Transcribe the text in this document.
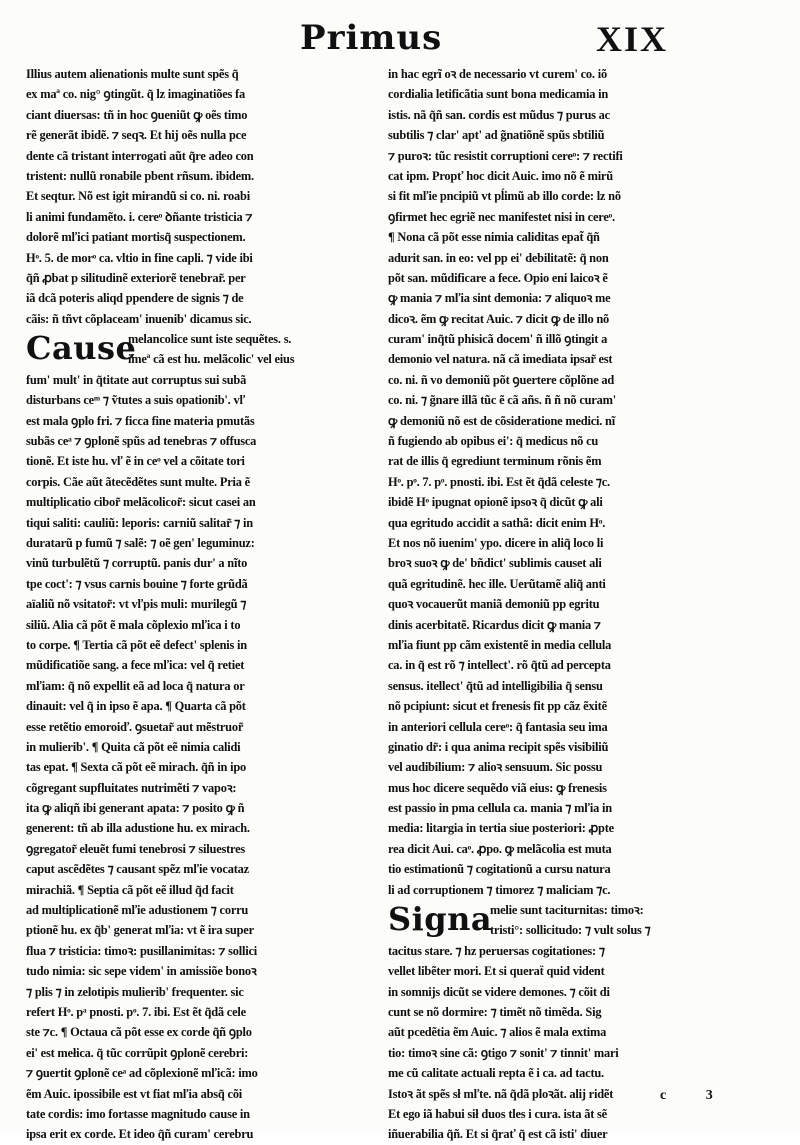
Primus	XIX
Illius autem alienationis multe sunt spẽs q̃
ex maª co. nig° ꝯtingũt. q̃ lz imaginatiões fa
ciant diuersas: tñ in hoc ꝯueniũt ꝙ oẽs timo
rẽ generãt ibidẽ. ⁊ seqꝛ. Et hij oẽs nulla pce
dente cã tristant interrogati aũt q̃re adeo con
tristent: nullũ ronabile pbent rñsum. ibidem.
Et seqtur. Nõ est igit mirandũ si co. ni. roabi
li animi fundamẽto. i. cereᵒ ꝺñante tristicia ⁊
dolorẽ mľici patiant mortisq̃ suspectionem.
Hᵒ. 5. de morᵒ ca. vltio in fine capli. ⁊ vide ibi
q̃ñ ꝓbat p silitudinẽ exteriorẽ tenebrar̃. per
iã dcã poteris aliqd ppendere de signis ⁊ de
cãis: ñ tñvt cõplaceam' inuenib' dicamus sic.
Cause
melancolice sunt iste sequẽtes. s.
imeª cã est hu. melãcolic' vel eius
fum' mult' in q̃titate aut corruptus sui subã
disturbans ceᵐ ⁊ ṽtutes a suis opationib'. vľ
est mala ꝯplo fri. ⁊ ficca fine materia pmutãs
subãs ceᵃ ⁊ ꝯplonẽ spũs ad tenebras ⁊ offusca
tionẽ. Et iste hu. vľ ẽ in ceᵒ vel a cõitate tori
corpis. Cãe aũt ãtecẽdẽtes sunt multe. Pria ẽ
multiplicatio cibor̃ melãcolicor̃: sicut casei an
tiqui saliti: cauliũ: leporis: carniũ salitar̃ ⁊ in
duratarũ p fumũ ⁊ salẽ: ⁊ oẽ gen' leguminuz:
vinũ turbulẽtũ ⁊ corruptũ. panis dur' a nĩto
tpe coct': ⁊ vsus carnis bouine ⁊ forte grũdã
aïaliũ nõ vsitator̃: vt vľpis muli: murilegũ ⁊
siliũ. Alia cã põt ẽ mala cõplexio mľica i to
to corpe. ¶ Tertia cã põt eẽ defect' splenis in
mũdificatiõe sang. a fece mľica: vel q̃ retiet
mľiam: q̃ nõ expellit eã ad loca q̃ natura or
dinauit: vel q̃ in ipso ẽ apa. ¶ Quarta cã põt
esse retẽtio emoroiď. ꝯsuetar̃ aut mẽstruor̃
in mulierib'. ¶ Quita cã põt eẽ nimia calidi
tas epat. ¶ Sexta cã põt eẽ mirach. q̃ñ in ipo
cõgregant supfluitates nutrimẽti ⁊ vapoꝛ:
ita ꝙ aliqñ ibi generant apata: ⁊ posito ꝙ ñ
generent: tñ ab illa adustione hu. ex mirach.
ꝯgregator̃ eleuẽt fumi tenebrosi ⁊ siluestres
caput ascẽdẽtes ⁊ causant spẽz mľie vocataz
mirachiã. ¶ Septia cã põt eẽ illud q̃d facit
ad multiplicationẽ mľie adustionem ⁊ corru
ptionẽ hu. ex q̃b' generat mľia: vt ẽ ira super
flua ⁊ tristicia: timoꝛ: pusillanimitas: ⁊ sollici
tudo nimia: sic sepe videm' in amissiõe bonoꝛ
⁊ plis ⁊ in zelotipis mulierib' frequenter. sic
refert Hᵒ. pᵃ pnosti. pᵒ. 7. ibi. Est ẽt q̃dã cele
ste ⁊c. ¶ Octaua cã põt esse ex corde q̃ñ ꝯplo
ei' est mełica. q̃ tũc corrũpit ꝯplonẽ cerebri:
⁊ ꝯuertit ꝯplonẽ ceᵃ ad cõplexionẽ mľicã: imo
ẽm Auic. ipossibile est vt fiat mľia absq̃ cõi
tate cordis: imo fortasse magnitudo cause in
ipsa erit ex corde. Et ideo q̃ñ curam' cerebru
in hac egrĩ oꝛ de necessario vt curem' co. iõ
cordialia letificãtia sunt bona medicamia in
istis. nã q̃ñ san. cordis est mũdus ⁊ purus ac
subtilis ⁊ clar' apt' ad g̃natiõnẽ spũs sbtiliũ
⁊ puroꝛ: tũc resistit corruptioni cereᵒ: ⁊ rectifi
cat ipm. Propť hoc dicit Auic. imo nõ ẽ mirũ
si fit mľie pncipiũ vt pĺimũ ab illo corde: lz nõ
ꝯfirmet hec egriẽ nec manifestet nisi in cereᵒ.
¶ Nona cã põt esse nimia caliditas epat̃ q̃ñ
adurit san. in eo: vel pp ei' debilitatẽ: q̃ non
põt san. mũdificare a fece. Opio eni laicoꝛ ẽ
ꝙ mania ⁊ mľia sint demonia: ⁊ aliquoꝛ me
dicoꝛ. ẽm ꝙ recitat Auic. ⁊ dicit ꝙ de illo nõ
curam' inq̃tũ phisicã docem' ñ illõ ꝯtingit a
demonio vel natura. nã cã imediata ipsar̃ est
co. ni. ñ vo demoniũ põt ꝯuertere cõplõne ad
co. ni. ⁊ g̃nare illã tũc ẽ cã añs. ñ ñ nõ curam'
ꝙ demoniũ nõ est de cõsideratione medici. nĩ
ñ fugiendo ab opibus ei': q̃ medicus nõ cu
rat de illis q̃ egrediunt terminum rõnis ẽm
Hᵒ. pᵒ. 7. pᵒ. pnosti. ibi. Est ẽt q̃dã celeste ⁊c.
ibidẽ Hᵒ ipugnat opionẽ ipsoꝛ q̃ dicũt ꝙ ali
qua egritudo accidit a sathã: dicit enim Hᵒ.
Et nos nõ iuenim' ypo. dicere in aliq̃ loco li
broꝛ suoꝛ ꝙ de' bñdict' sublimis causet ali
quã egritudinẽ. hec ille. Uerũtamẽ aliq̃ anti
quoꝛ vocauerũt maniã demoniũ pp egritu
dinis acerbitatẽ. Ricardus dicit ꝙ mania ⁊
mľia fiunt pp cãm existentẽ in media cellula
ca. in q̃ est rõ ⁊ intellect'. rõ q̃tũ ad percepta
sensus. itellect' q̃tũ ad intelligibilia q̃ sensu
nõ pcipiunt: sicut et frenesis fit pp cãz ẽxitẽ
in anteriori cellula cereᵒ: q̃ fantasia seu ima
ginatio dr̃: i qua anima recipit spẽs visibiliũ
vel audibilium: ⁊ alioꝛ sensuum. Sic possu
mus hoc dicere sequẽdo viã eius: ꝙ frenesis
est passio in pma cellula ca. mania ⁊ mľia in
media: litargia in tertia siue posteriori: ꝓpte
rea dicit Aui. caᵒ. ꝓpo. ꝙ melãcolia est muta
tio estimationũ ⁊ cogitationũ a cursu natura
li ad corruptionem ⁊ timorez ⁊ maliciam ⁊c.
Signa
melie sunt taciturnitas: timoꝛ:
tristi°: sollicitudo: ⁊ vult solus ⁊
tacitus stare. ⁊ hz peruersas cogitationes: ⁊
vellet libẽter mori. Et si queraẗ quid vident
in somnijs dicũt se videre demones. ⁊ cõit di
cunt se nõ dormire: ⁊ timẽt nõ timẽda. Sig
aũt pcedẽtia ẽm Auic. ⁊ alios ẽ mala extima
tio: timoꝛ sine cã: ꝯtigo ⁊ sonit' ⁊ tinnit' mari
me cũ calitate actuali repta ẽ i ca. ad tactu.
Istoꝛ ãt spẽs sł mľte. nã q̃dã ploꝛãt. alij ridẽt
Et ego iã habui sił duos tles i cura. ista ãt sẽ
iñuerabilia q̃ñ. Et si q̃rať q̃ est cã isti' diuer
c 3
